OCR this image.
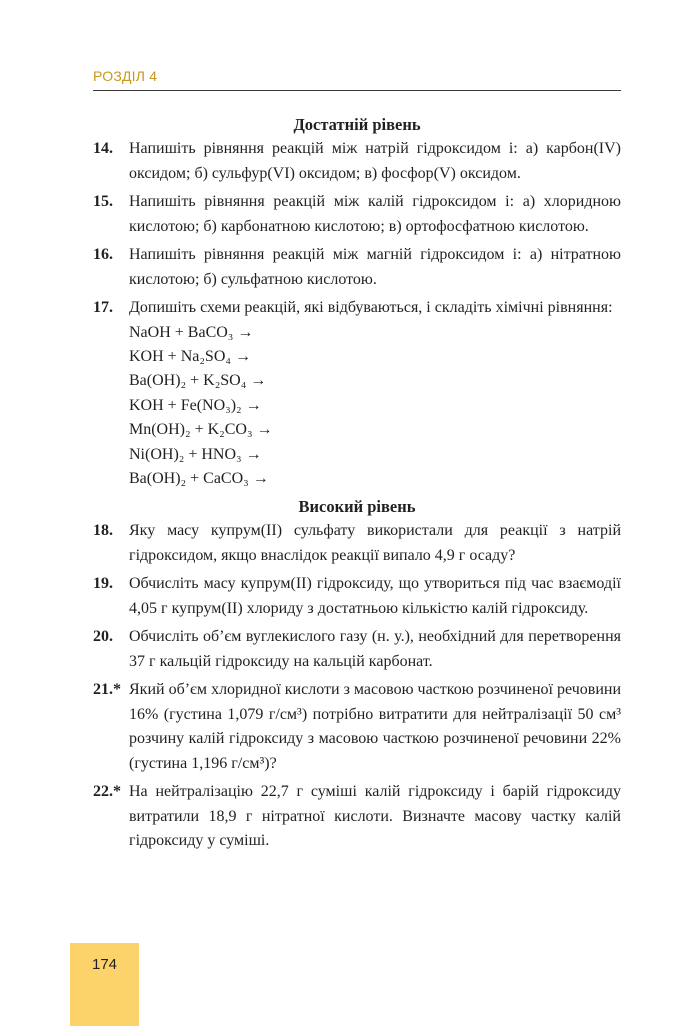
РОЗДІЛ 4
Достатній рівень
14.	Напишіть рівняння реакцій між натрій гідроксидом і: а) карбон(IV) оксидом; б) сульфур(VI) оксидом; в) фосфор(V) оксидом.
15.	Напишіть рівняння реакцій між калій гідроксидом і: а) хлоридною кислотою; б) карбонатною кислотою; в) ортофосфатною кислотою.
16.	Напишіть рівняння реакцій між магній гідроксидом і: а) нітратною кислотою; б) сульфатною кислотою.
17.	Допишіть схеми реакцій, які відбуваються, і складіть хімічні рівняння:
NaOH + BaCO₃ →
KOH + Na₂SO₄ →
Ba(OH)₂ + K₂SO₄ →
KOH + Fe(NO₃)₂ →
Mn(OH)₂ + K₂CO₃ →
Ni(OH)₂ + HNO₃ →
Ba(OH)₂ + CaCO₃ →
Високий рівень
18.	Яку масу купрум(II) сульфату використали для реакції з натрій гідроксидом, якщо внаслідок реакції випало 4,9 г осаду?
19.	Обчисліть масу купрум(II) гідроксиду, що утвориться під час взаємодії 4,05 г купрум(II) хлориду з достатньою кількістю калій гідроксиду.
20.	Обчисліть об’єм вуглекислого газу (н. у.), необхідний для перетворення 37 г кальцій гідроксиду на кальцій карбонат.
21.* Який об’єм хлоридної кислоти з масовою часткою розчиненої речовини 16% (густина 1,079 г/см³) потрібно витратити для нейтралізації 50 см³ розчину калій гідроксиду з масовою часткою розчиненої речовини 22% (густина 1,196 г/см³)?
22.* На нейтралізацію 22,7 г суміші калій гідроксиду і барій гідроксиду витратили 18,9 г нітратної кислоти. Визначте масову частку калій гідроксиду у суміші.
174
